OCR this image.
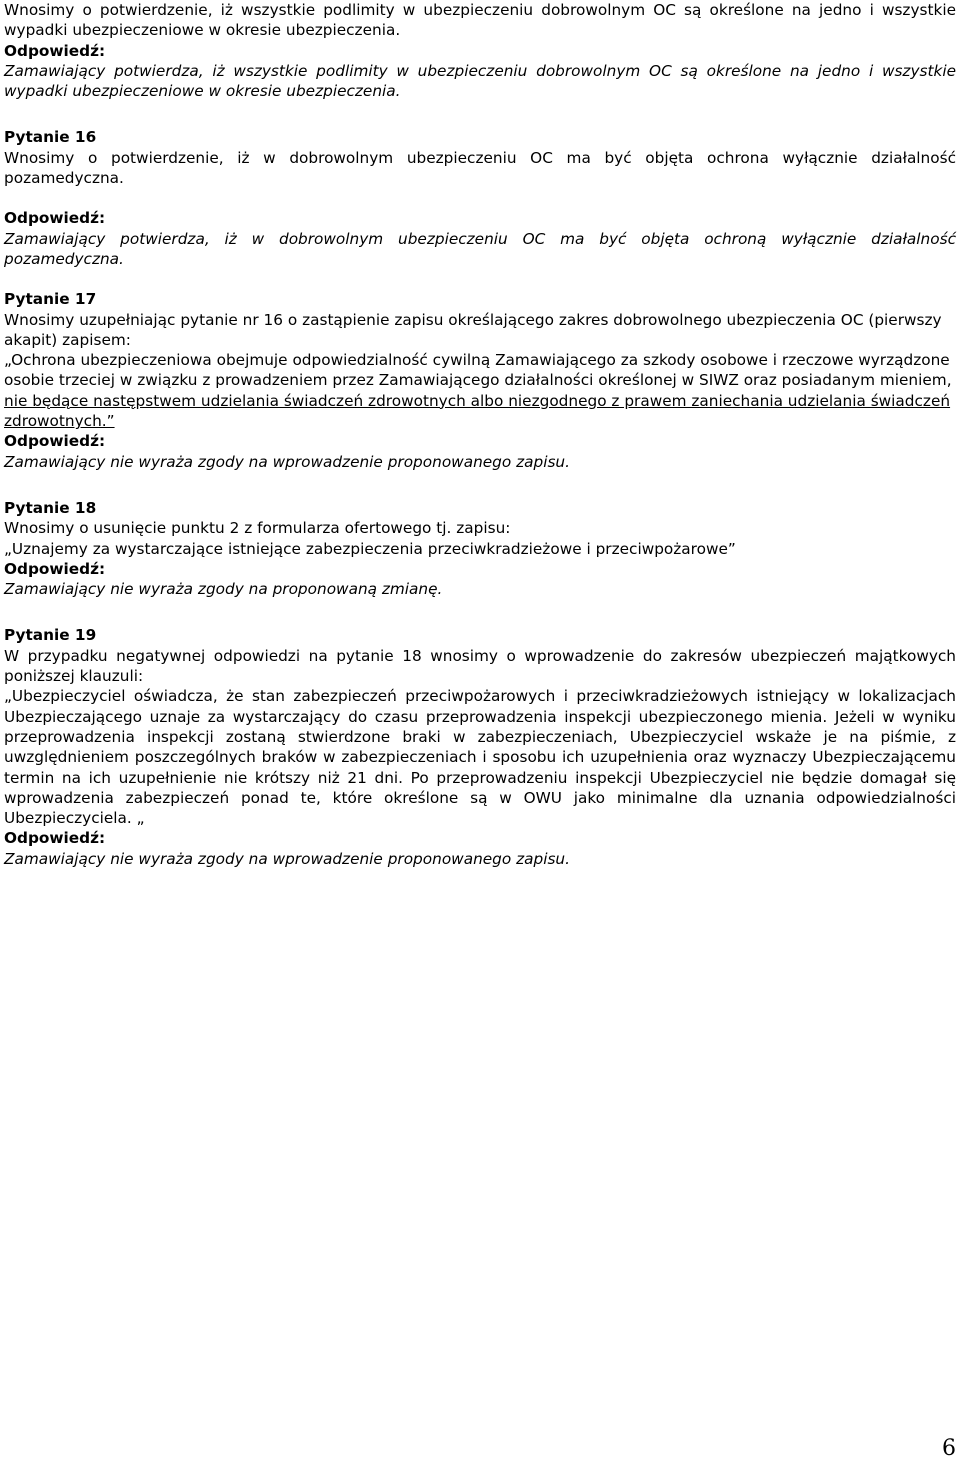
Wnosimy o potwierdzenie, iż wszystkie podlimity w ubezpieczeniu dobrowolnym OC są określone na jedno i wszystkie wypadki ubezpieczeniowe w okresie ubezpieczenia.

Odpowiedź:
Zamawiający potwierdza, iż wszystkie podlimity w ubezpieczeniu dobrowolnym OC są określone na jedno i wszystkie wypadki ubezpieczeniowe w okresie ubezpieczenia.
Pytanie 16

Wnosimy o potwierdzenie, iż w dobrowolnym ubezpieczeniu OC ma być objęta ochrona wyłącznie działalność pozamedyczna.

Odpowiedź:
Zamawiający potwierdza, iż w dobrowolnym ubezpieczeniu OC ma być objęta ochroną wyłącznie działalność pozamedyczna.
Pytanie 17

Wnosimy uzupełniając pytanie nr 16 o zastąpienie zapisu określającego zakres dobrowolnego ubezpieczenia OC (pierwszy akapit) zapisem:

„Ochrona ubezpieczeniowa obejmuje odpowiedzialność cywilną Zamawiającego za szkody osobowe i rzeczowe wyrządzone osobie trzeciej w związku z prowadzeniem przez Zamawiającego działalności określonej w SIWZ oraz posiadanym mieniem, nie będące następstwem udzielania świadczeń zdrowotnych albo niezgodnego z prawem zaniechania udzielania świadczeń zdrowotnych.”

Odpowiedź:
Zamawiający nie wyraża zgody na wprowadzenie proponowanego zapisu.
Pytanie 18

Wnosimy o usunięcie punktu 2 z formularza ofertowego tj. zapisu:

„Uznajemy za wystarczające istniejące zabezpieczenia przeciwkradzieżowe i przeciwpożarowe”

Odpowiedź:
Zamawiający nie wyraża zgody na proponowaną zmianę.
Pytanie 19

W przypadku negatywnej odpowiedzi na pytanie 18 wnosimy o wprowadzenie do zakresów ubezpieczeń majątkowych poniższej klauzuli:

„Ubezpieczyciel oświadcza, że stan zabezpieczeń przeciwpożarowych i przeciwkradzieżowych istniejący w lokalizacjach Ubezpieczającego uznaje za wystarczający do czasu przeprowadzenia inspekcji ubezpieczonego mienia. Jeżeli w wyniku przeprowadzenia inspekcji zostaną stwierdzone braki w zabezpieczeniach, Ubezpieczyciel wskaże je na piśmie, z uwzględnieniem poszczególnych braków w zabezpieczeniach i sposobu ich uzupełnienia oraz wyznaczy Ubezpieczającemu termin na ich uzupełnienie nie krótszy niż 21 dni. Po przeprowadzeniu inspekcji Ubezpieczyciel nie będzie domagał się wprowadzenia zabezpieczeń ponad te, które określone są w OWU jako minimalne dla uznania odpowiedzialności Ubezpieczyciela. „

Odpowiedź:
Zamawiający nie wyraża zgody na wprowadzenie proponowanego zapisu.
6
